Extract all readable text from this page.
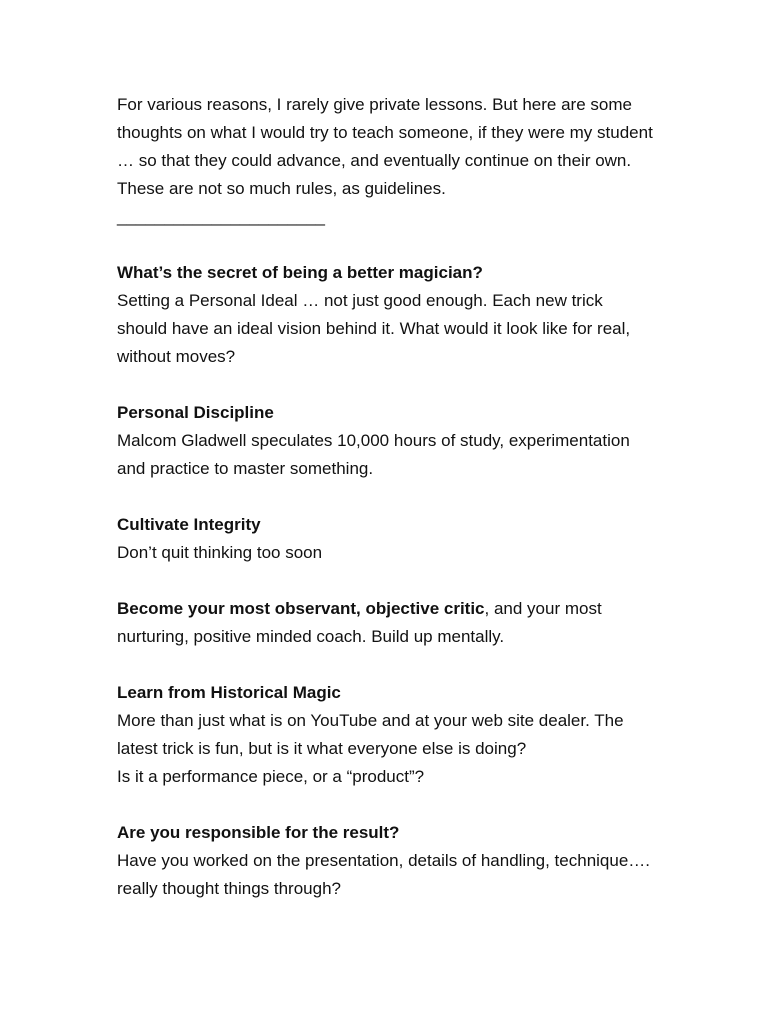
For various reasons, I rarely give private lessons. But here are some thoughts on what I would try to teach someone, if they were my student … so that they could advance, and eventually continue on their own. These are not so much rules, as guidelines.

______________________

What’s the secret of being a better magician?
Setting a Personal Ideal … not just good enough. Each new trick should have an ideal vision behind it. What would it look like for real, without moves?
Personal Discipline
Malcom Gladwell speculates 10,000 hours of study, experimentation and practice to master something.
Cultivate Integrity
Don’t quit thinking too soon

Become your most observant, objective critic, and your most nurturing, positive minded coach. Build up mentally.

Learn from Historical Magic
More than just what is on YouTube and at your web site dealer. The latest trick is fun, but is it what everyone else is doing?
Is it a performance piece, or a “product”?
Are you responsible for the result?
Have you worked on the presentation, details of handling, technique…. really thought things through?
